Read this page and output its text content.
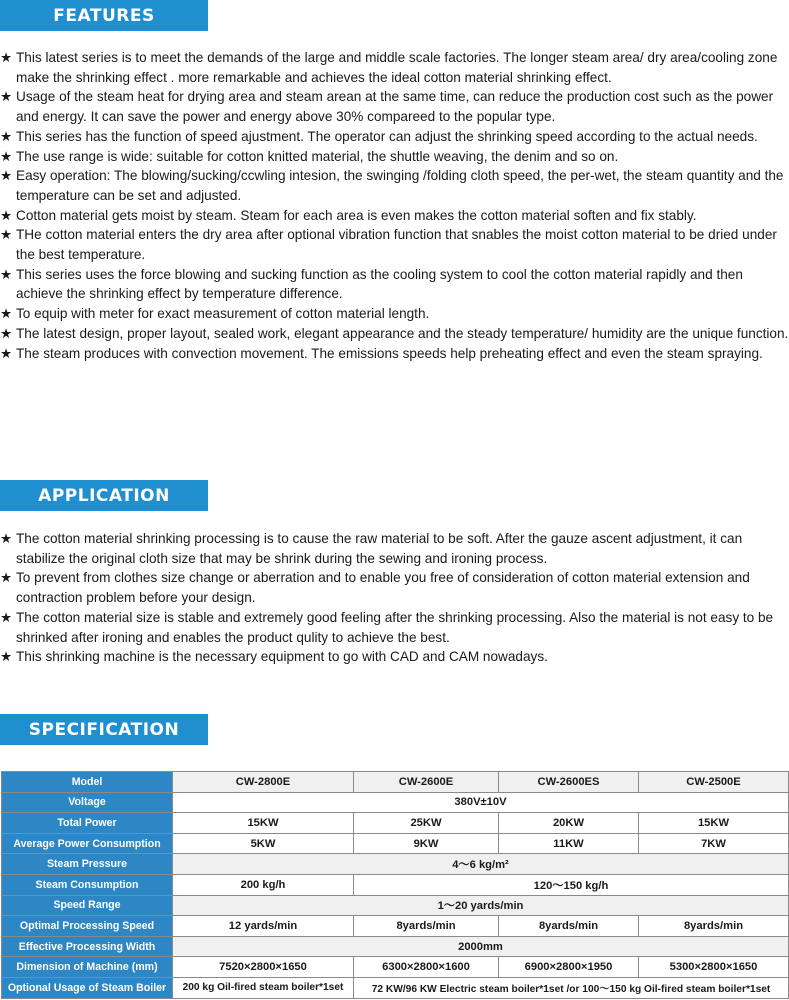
FEATURES

★ This latest series is to meet the demands of the large and middle scale factories. The longer steam area/ dry area/cooling zone make the shrinking effect . more remarkable and achieves the ideal cotton material shrinking effect.

★ Usage of the steam heat for drying area and steam arean at the same time, can reduce the production cost such as the power and energy. It can save the power and energy above 30% compareed to the popular type.

★ This series has the function of speed ajustment. The operator can adjust the shrinking speed according to the actual needs.

★ The use range is wide: suitable for cotton knitted material, the shuttle weaving, the denim and so on.

★ Easy operation: The blowing/sucking/ccwling intesion, the swinging /folding cloth speed, the per-wet, the steam quantity and the temperature can be set and adjusted.

★ Cotton material gets moist by steam. Steam for each area is even makes the cotton material soften and fix stably.

★ THe cotton material enters the dry area after optional vibration function that snables the moist cotton material to be dried under the best temperature.

★ This series uses the force blowing and sucking function as the cooling system to cool the cotton material rapidly and then achieve the shrinking effect by temperature difference.

★ To equip with meter for exact measurement of cotton material length.

★ The latest design, proper layout, sealed work, elegant appearance and the steady temperature/ humidity are the unique function.

★ The steam produces with convection movement. The emissions speeds help preheating effect and even the steam spraying.

APPLICATION

★ The cotton material shrinking processing is to cause the raw material to be soft. After the gauze ascent adjustment, it can stabilize the original cloth size that may be shrink during the sewing and ironing process.

★ To prevent from clothes size change or aberration and to enable you free of consideration of cotton material extension and contraction problem before your design.

★ The cotton material size is stable and extremely good feeling after the shrinking processing. Also the material is not easy to be shrinked after ironing and enables the product qulity to achieve the best.

★ This shrinking machine is the necessary equipment to go with CAD and CAM nowadays.

SPECIFICATION
Model	CW-2800E	CW-2600E	CW-2600ES	CW-2500E
Voltage	380V±10V			
Total Power	15KW	25KW	20KW	15KW
Average Power Consumption	5KW	9KW	11KW	7KW
Steam Pressure	4～6 kg/m²			
Steam Consumption	200 kg/h	120～150 kg/h		
Speed Range	1～20 yards/min			
Optimal Processing Speed	12 yards/min	8yards/min	8yards/min	8yards/min
Effective Processing Width	2000mm			
Dimension of Machine (mm)	7520×2800×1650	6300×2800×1600	6900×2800×1950	5300×2800×1650
Optional Usage of Steam Boiler	200 kg Oil-fired steam boiler*1set	72 KW/96 KW Electric steam boiler*1set /or 100～150 kg Oil-fired steam boiler*1set		
